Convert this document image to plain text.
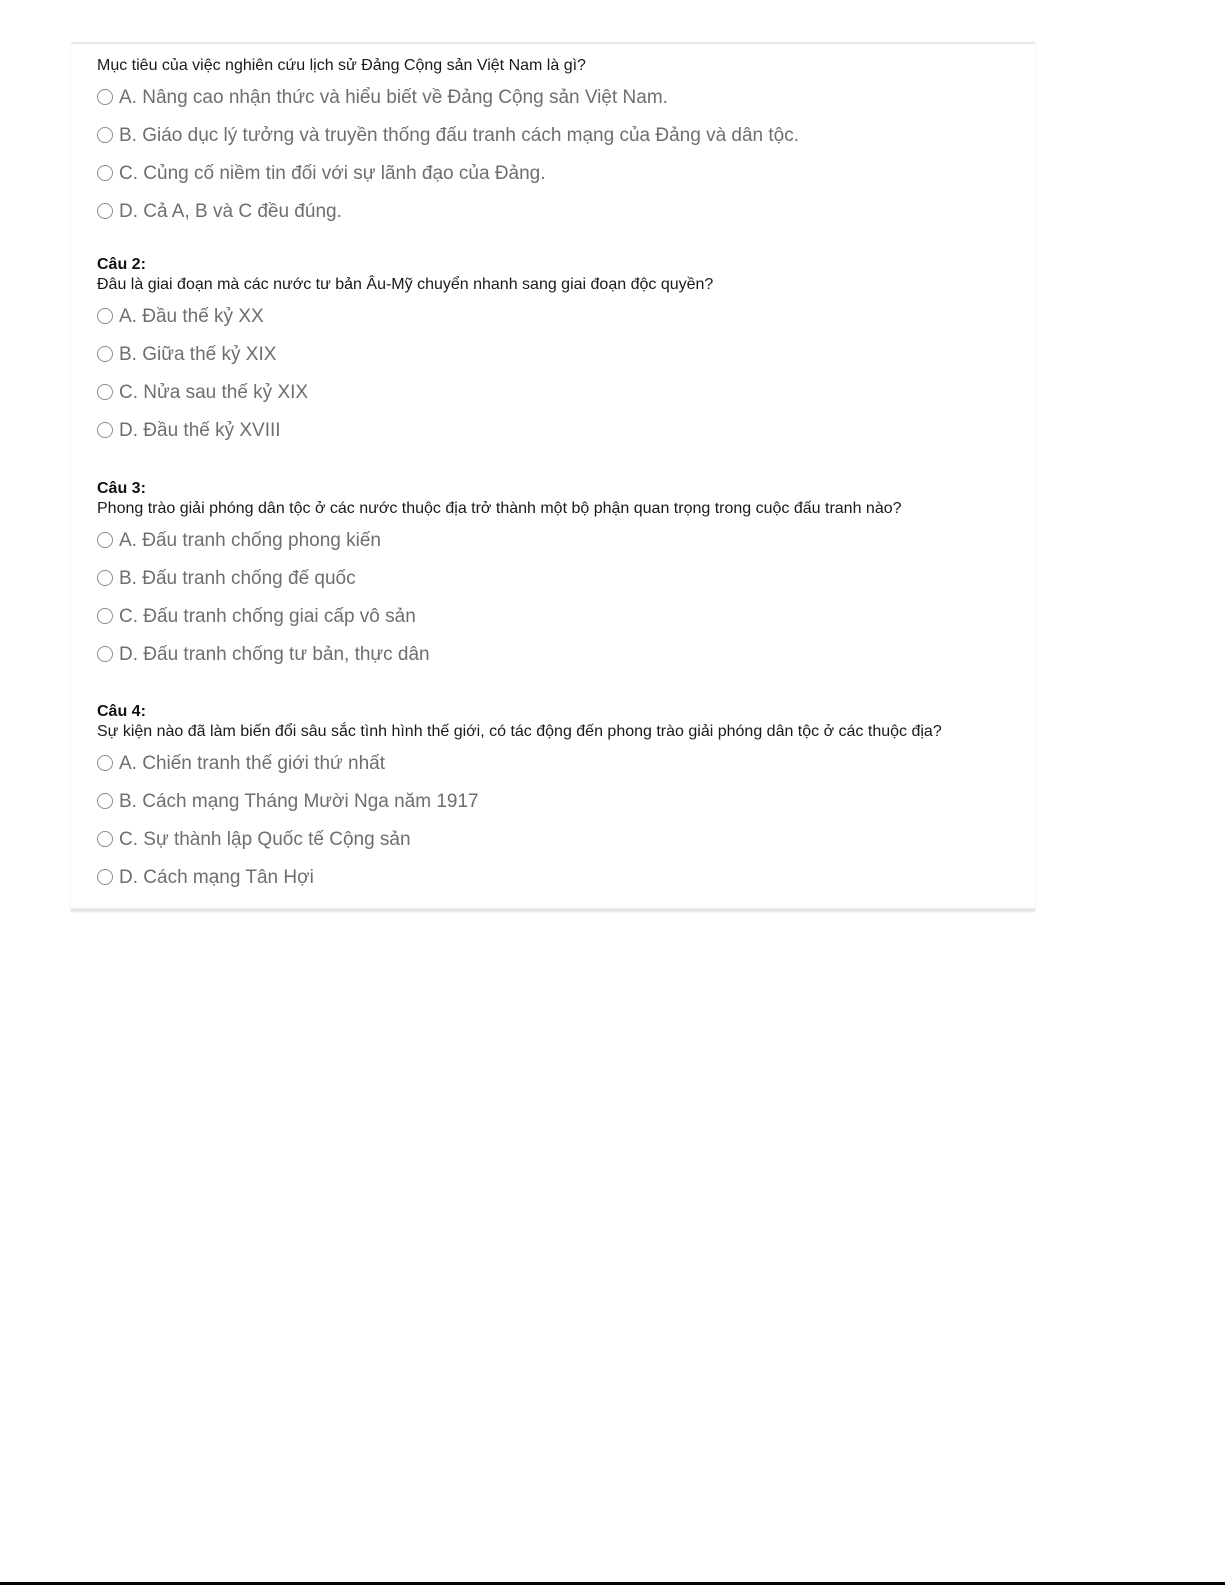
Mục tiêu của việc nghiên cứu lịch sử Đảng Cộng sản Việt Nam là gì?
A. Nâng cao nhận thức và hiểu biết về Đảng Cộng sản Việt Nam.
B. Giáo dục lý tưởng và truyền thống đấu tranh cách mạng của Đảng và dân tộc.
C. Củng cố niềm tin đối với sự lãnh đạo của Đảng.
D. Cả A, B và C đều đúng.
Câu 2:
Đâu là giai đoạn mà các nước tư bản Âu-Mỹ chuyển nhanh sang giai đoạn độc quyền?
A. Đầu thế kỷ XX
B. Giữa thế kỷ XIX
C. Nửa sau thế kỷ XIX
D. Đầu thế kỷ XVIII
Câu 3:
Phong trào giải phóng dân tộc ở các nước thuộc địa trở thành một bộ phận quan trọng trong cuộc đấu tranh nào?
A. Đấu tranh chống phong kiến
B. Đấu tranh chống đế quốc
C. Đấu tranh chống giai cấp vô sản
D. Đấu tranh chống tư bản, thực dân
Câu 4:
Sự kiện nào đã làm biến đổi sâu sắc tình hình thế giới, có tác động đến phong trào giải phóng dân tộc ở các thuộc địa?
A. Chiến tranh thế giới thứ nhất
B. Cách mạng Tháng Mười Nga năm 1917
C. Sự thành lập Quốc tế Cộng sản
D. Cách mạng Tân Hợi
